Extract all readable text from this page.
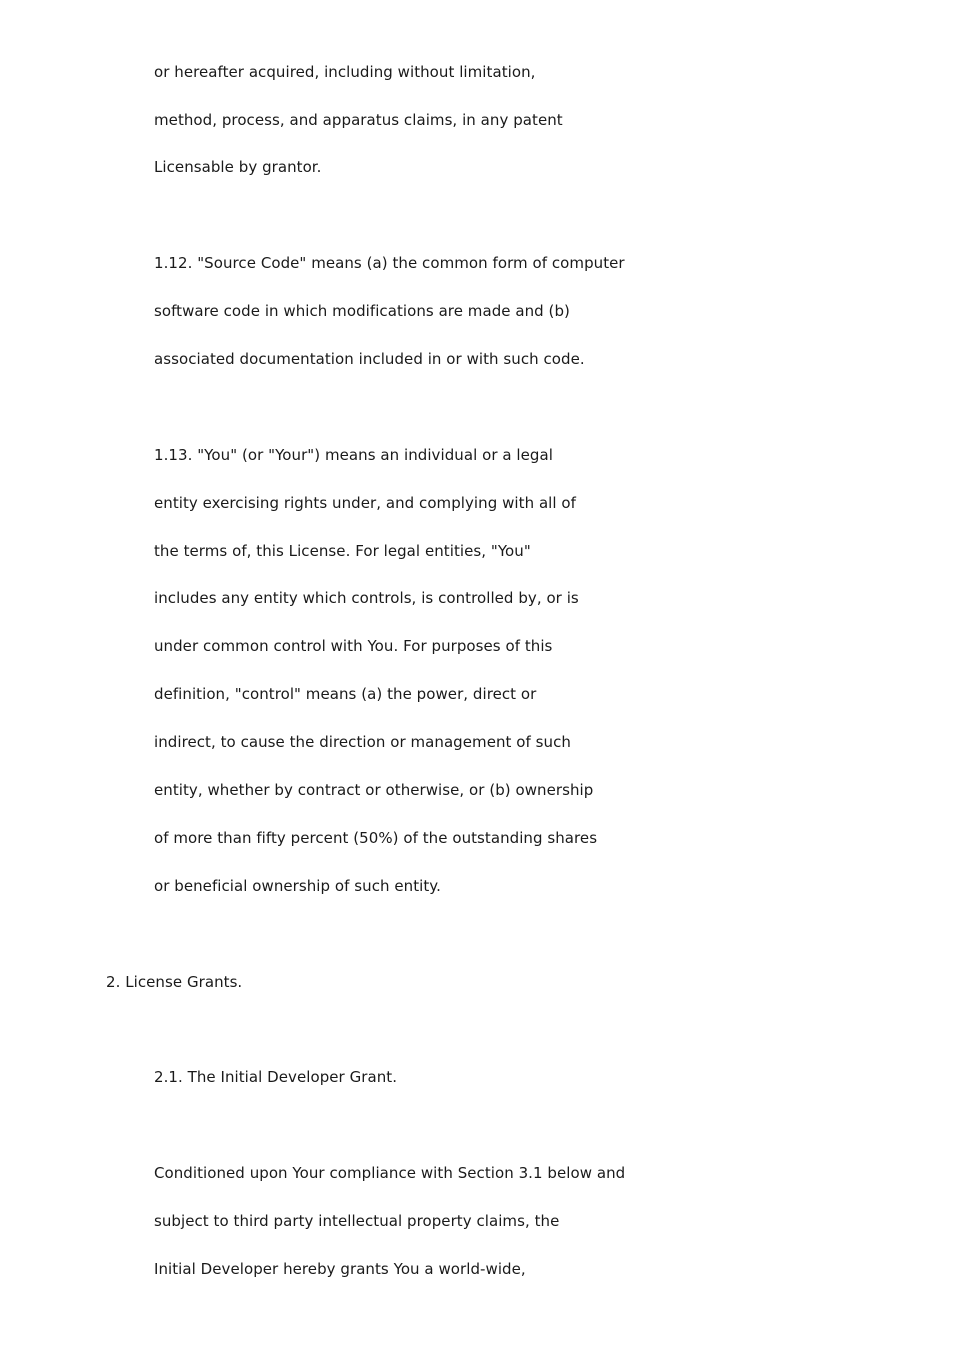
or hereafter acquired, including without limitation,
method, process, and apparatus claims, in any patent
Licensable by grantor.
1.12. "Source Code" means (a) the common form of computer
software code in which modifications are made and (b)
associated documentation included in or with such code.
1.13. "You" (or "Your") means an individual or a legal
entity exercising rights under, and complying with all of
the terms of, this License. For legal entities, "You"
includes any entity which controls, is controlled by, or is
under common control with You. For purposes of this
definition, "control" means (a) the power, direct or
indirect, to cause the direction or management of such
entity, whether by contract or otherwise, or (b) ownership
of more than fifty percent (50%) of the outstanding shares
or beneficial ownership of such entity.
2. License Grants.
2.1. The Initial Developer Grant.
Conditioned upon Your compliance with Section 3.1 below and
subject to third party intellectual property claims, the
Initial Developer hereby grants You a world-wide,
